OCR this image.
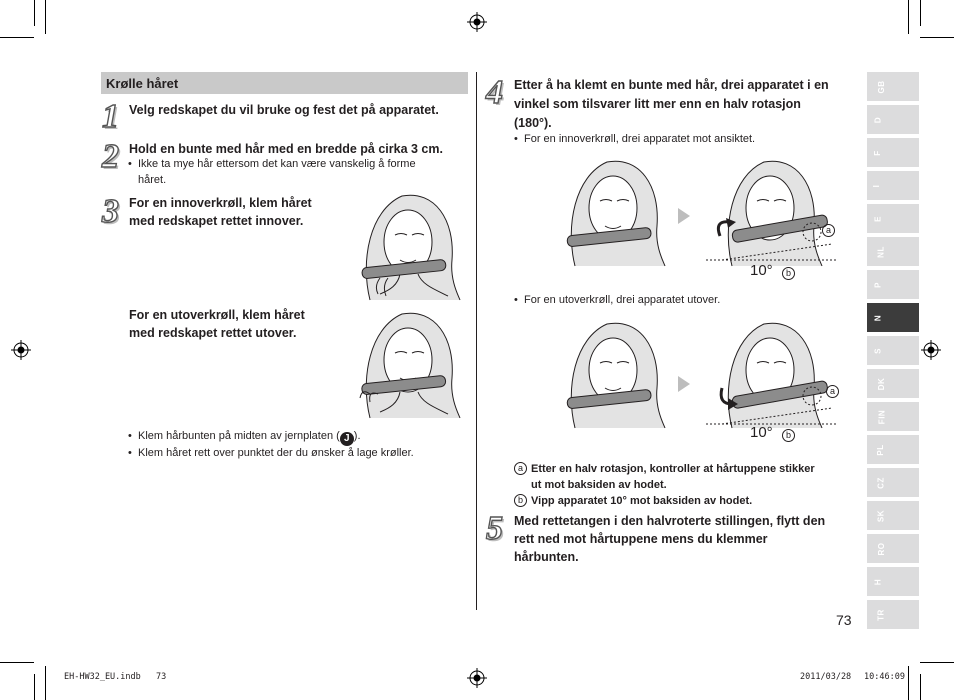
Krølle håret
1 Velg redskapet du vil bruke og fest det på apparatet.
2 Hold en bunte med hår med en bredde på cirka 3 cm.
• Ikke ta mye hår ettersom det kan være vanskelig å forme
håret.
3 For en innoverkrøll, klem håret
med redskapet rettet innover.
For en utoverkrøll, klem håret
med redskapet rettet utover.
• Klem hårbunten på midten av jernplaten ( J ).
• Klem håret rett over punktet der du ønsker å lage krøller.
4 Etter å ha klemt en bunte med hår, drei apparatet i en
vinkel som tilsvarer litt mer enn en halv rotasjon
(180°).
• For en innoverkrøll, drei apparatet mot ansiktet.
a
10°	b
• For en utoverkrøll, drei apparatet utover.
a
10°	b
a Etter en halv rotasjon, kontroller at hårtuppene stikker
ut mot baksiden av hodet.
b Vipp apparatet 10° mot baksiden av hodet.
5 Med rettetangen i den halvroterte stillingen, flytt den
rett ned mot hårtuppene mens du klemmer
hårbunten.
GB
D
F
I
E
NL
P
N
S
DK
FIN
PL
CZ
SK
RO
H
TR
73
EH-HW32_EU.indb 73	2011/03/28 10:46:09
